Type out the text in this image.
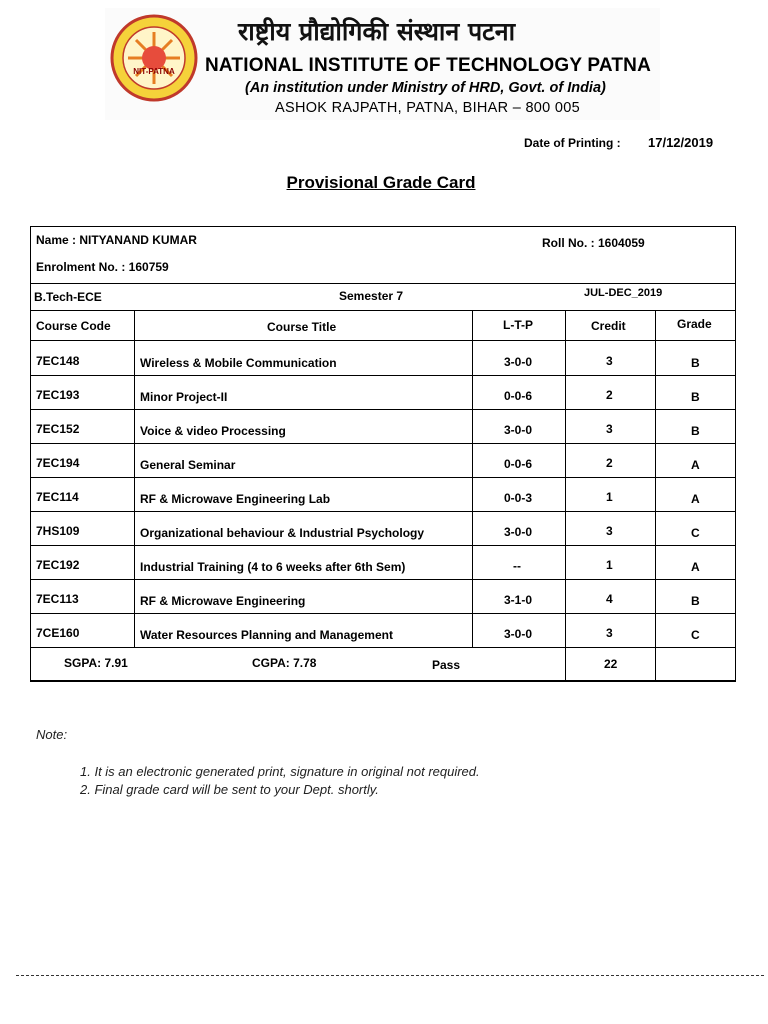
NIT-PATNA
राष्ट्रीय प्रौद्योगिकी संस्थान पटना
NATIONAL INSTITUTE OF TECHNOLOGY PATNA
(An institution under Ministry of HRD, Govt. of India)
ASHOK RAJPATH, PATNA, BIHAR – 800 005
Date of Printing : 17/12/2019
Provisional Grade Card
Name : NITYANAND KUMAR	Roll No. : 1604059
Enrolment No. : 160759
B.Tech-ECE	Semester 7	JUL-DEC_2019
Course Code	Course Title	L-T-P	Credit	Grade
7EC148	Wireless & Mobile Communication	3-0-0	3	B
7EC193	Minor Project-II	0-0-6	2	B
7EC152	Voice & video Processing	3-0-0	3	B
7EC194	General Seminar	0-0-6	2	A
7EC114	RF & Microwave Engineering Lab	0-0-3	1	A
7HS109	Organizational behaviour & Industrial Psychology	3-0-0	3	C
7EC192	Industrial Training (4 to 6 weeks after 6th Sem)	--	1	A
7EC113	RF & Microwave Engineering	3-1-0	4	B
7CE160	Water Resources Planning and Management	3-0-0	3	C
SGPA: 7.91	CGPA: 7.78	Pass	22
Note:
1. It is an electronic generated print, signature in original not required.
2. Final grade card will be sent to your Dept. shortly.
